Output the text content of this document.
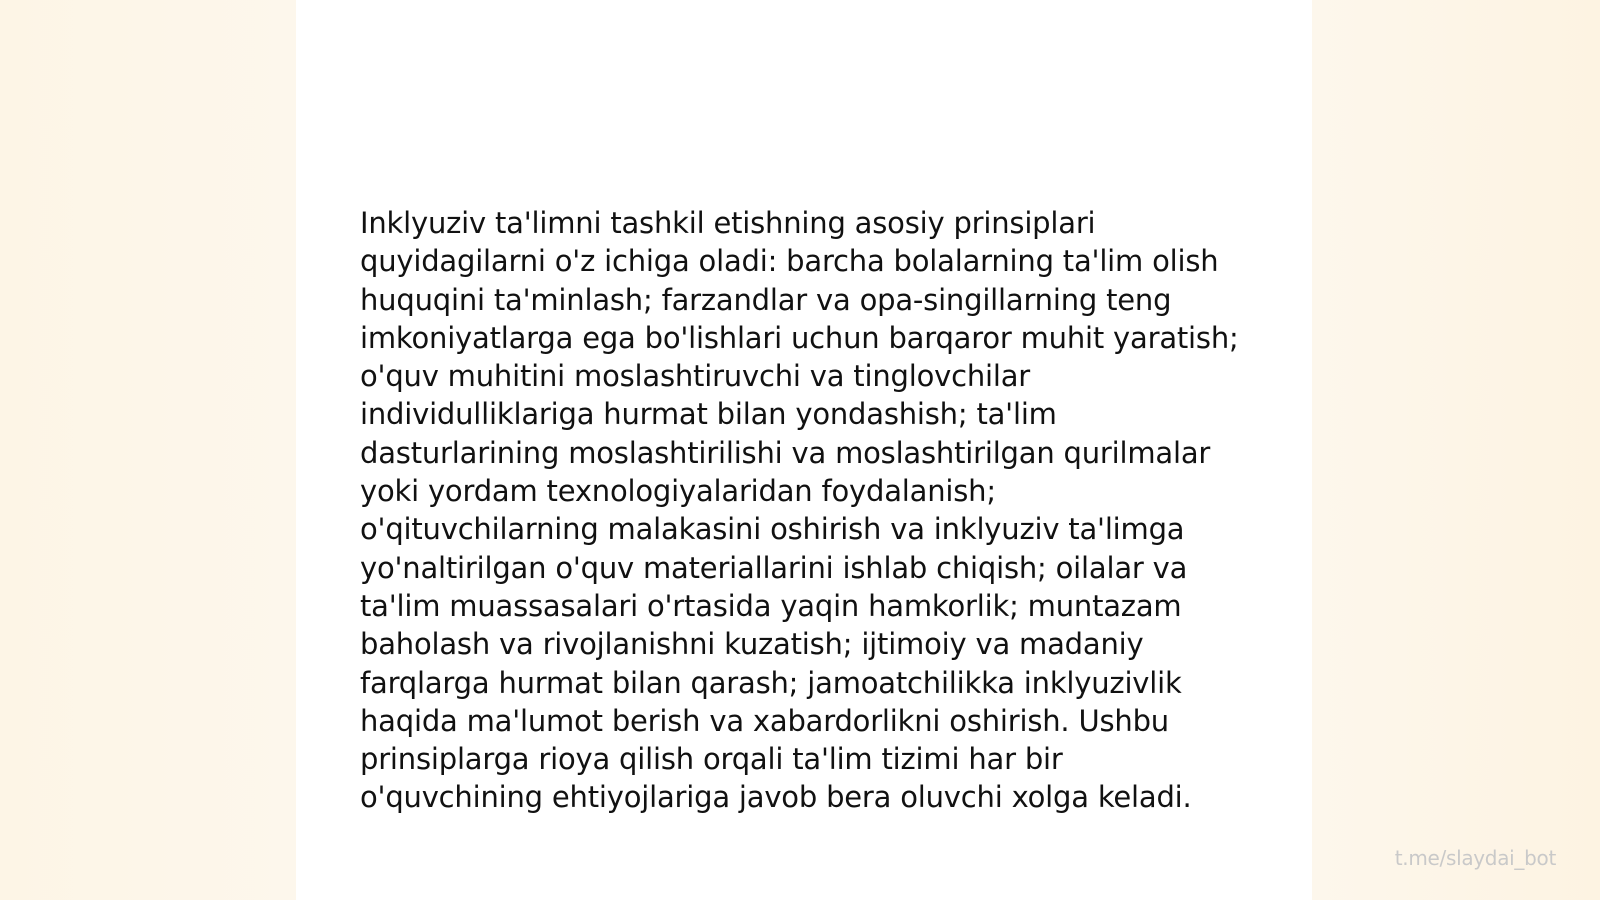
Inklyuziv ta'limni tashkil etishning asosiy prinsiplari quyidagilarni o'z ichiga oladi: barcha bolalarning ta'lim olish huquqini ta'minlash; farzandlar va opa-singillarning teng imkoniyatlarga ega bo'lishlari uchun barqaror muhit yaratish; o'quv muhitini moslashtiruvchi va tinglovchilar individulliklariga hurmat bilan yondashish; ta'lim dasturlarining moslashtirilishi va moslashtirilgan qurilmalar yoki yordam texnologiyalaridan foydalanish; o'qituvchilarning malakasini oshirish va inklyuziv ta'limga yo'naltirilgan o'quv materiallarini ishlab chiqish; oilalar va ta'lim muassasalari o'rtasida yaqin hamkorlik; muntazam baholash va rivojlanishni kuzatish; ijtimoiy va madaniy farqlarga hurmat bilan qarash; jamoatchilikka inklyuzivlik haqida ma'lumot berish va xabardorlikni oshirish. Ushbu prinsiplarga rioya qilish orqali ta'lim tizimi har bir o'quvchining ehtiyojlariga javob bera oluvchi xolga keladi.

t.me/slaydai_bot
